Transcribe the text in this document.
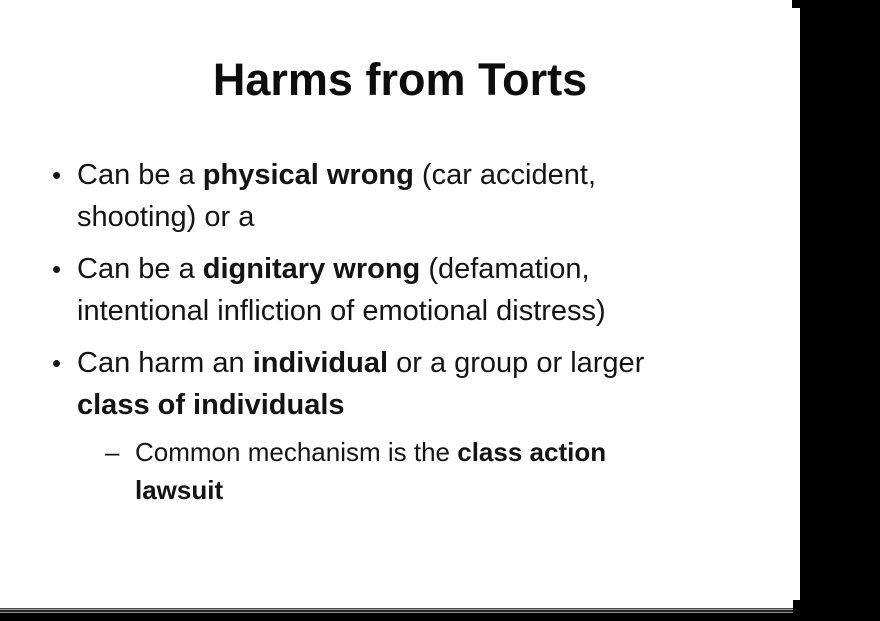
Harms from Torts
• Can be a physical wrong (car accident, shooting) or a
• Can be a dignitary wrong (defamation, intentional infliction of emotional distress)
• Can harm an individual or a group or larger class of individuals
– Common mechanism is the class action lawsuit
